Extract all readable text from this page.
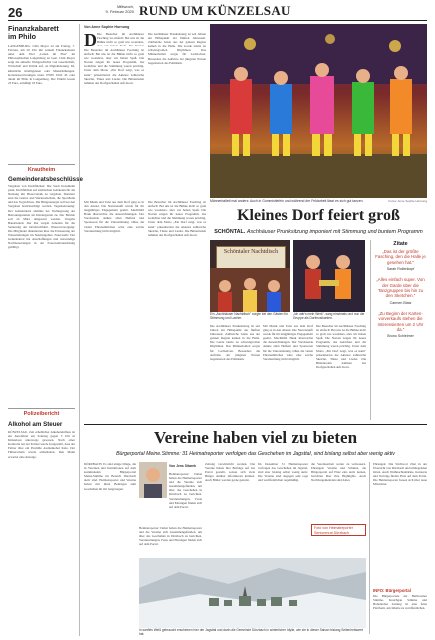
26	Mittwoch,
9. Februar 2020 RUND UM KÜNZELSAU
Finanzkabarett im Philo
LANGENBURG. Chin Meyer ist am Freitag, 7. Februar, um 20 Uhr mit seinem Finanzkabarett unter dem Titel „Leben im Plus" im Philosophischen Langenburg zu Gast. Chin Meyer zeigt die aktuelle Weltgeschichte von Gesellschaft, Wirtschaft und Politik auf, ob Digitalisierung, KI, künstliche Intelligenzen oder Mieterhöhungen. Kartenreservierungen unter 07905 9102 43 oder direkt im Philo in Langenburg. Der Eintritt kostet 23 Euro, ermäßigt 18 Euro.
Krautheim
Gemeinderatsbeschlüsse
Vergaben von Dachflächen: Die Stadt Krautheim plant, Dachflächen auf städtischen Gebäuden für die Nutzung mit Photovoltaik zu vergeben. Darunter sind die Grund- und Werkrealschule, die Sporthalle und das Vogtschloss. Die Bürgerenergie soll bei den Vergaben berücksichtigt werden. Tagesbetreuung: Der Gemeinderat stimmte der Verlängerung der Betreuungszeiten im Kindergarten zu. Der Betrieb soll ab März umgesetzt werden. Vergabe Bauarbeiten: Der Rat vergab Arbeiten für die Sanierung der Ortsdurchfahrt. Wasserversorgung: Die Mitglieder diskutierten über die Erneuerung der Wasserleitungen im Neubaugebiet. Feuerwehr: Der Gemeinderat hat Anschaffungen und notwendige Nachbesserungen in der Feuerwehrausrüstung gebilligt.
Polizeibericht
Alkohol am Steuer
KÜNZELSAU. Zeit erheblicher Alkoholeinfluss ist ein Autofahrer am Sonntag gegen 3 Uhr in Künzelsau unterwegs gewesen. Nach einer Kontrolle bei der Polizei wurde festgestellt, dass der Fahrer über ein Promille Atemalkohol hatte. Der Führerschein wurde einbehalten. Den Mann erwartet eine Anzeige.
Von Anne Sophie Hornung
D Die Besucher im Aschhäuser Fasching ist einfach: Bei uns ist die Bühne nicht so groß wie woanders,
Die Besucher im Aschhäuser Fasching ist einfach: Bei uns ist die Bühne nicht so groß wie woanders, aber wir haben Spaß. Die Narren zeigen ihr neues Programm, das Gelächter und die Stimmung waren prächtig. Unter dem Motto „Ein Dorf zeigt, was es kann" präsentierten die Akteure zahlreiche Sketche, Tänze und Lieder. Die Büttenreden nahmen das Dorfgeschehen aufs Korn.
Die Aschhäuser Prunksitzung ist seit Jahren ein Höhepunkt der fünften Jahreszeit. Zahlreiche Gäste aus der ganzen Region kamen in die Halle. Die Garde tanzte zu schwungvollen Rhythmen. Das Männerballett sorgte für Lachsalven. Besonders die Auftritte der jüngsten Narren begeisterten das Publikum.
Männerballett mal anders: Auch in Gummistiefeln und während der Feldarbeit lässt es sich gut tanzen.	Fotos: Anne Sophie Hornung
Kleines Dorf feiert groß
SCHÖNTAL. Aschhäuser Prunksitzung imponiert mit Stimmung und buntem Programm
Mit Musik und Tanz aus dem Dorf ging es in den Abend. Die Narrenzunft wurde für ihr langjähriges Engagement geehrt. Mechthild Hauk überreichte die Auszeichnungen. Der Vorsitzende dankte allen Helfern und Sponsoren für die Unterstützung. Ohne die vielen Ehrenamtlichen wäre eine solche Veranstaltung nicht möglich.
Die Besucher im Aschhäuser Fasching ist einfach: Bei uns ist die Bühne nicht so groß wie woanders, aber wir haben Spaß. Die Narren zeigen ihr neues Programm, das Gelächter und die Stimmung waren prächtig. Unter dem Motto „Ein Dorf zeigt, was es kann" präsentierten die Akteure zahlreiche Sketche, Tänze und Lieder. Die Büttenreden nahmen das Dorfgeschehen aufs Korn.
Schöntaler Nachtdisch
Ein „Aschhäuser Nachtdisch" sorgte bei den Gästen für Stimmung und Lacher.
„Ich wär's mein Werk", sang einstmals und nun die Gruppe als Dorfmusikanten.
Die Aschhäuser Prunksitzung ist seit Jahren ein Höhepunkt der fünften Jahreszeit. Zahlreiche Gäste aus der ganzen Region kamen in die Halle. Die Garde tanzte zu schwungvollen Rhythmen. Das Männerballett sorgte für Lachsalven. Besonders die Auftritte der jüngsten Narren begeisterten das Publikum.
Mit Musik und Tanz aus dem Dorf ging es in den Abend. Die Narrenzunft wurde für ihr langjähriges Engagement geehrt. Mechthild Hauk überreichte die Auszeichnungen. Der Vorsitzende dankte allen Helfern und Sponsoren für die Unterstützung. Ohne die vielen Ehrenamtlichen wäre eine solche Veranstaltung nicht möglich.
Die Besucher im Aschhäuser Fasching ist einfach: Bei uns ist die Bühne nicht so groß wie woanders, aber wir haben Spaß. Die Narren zeigen ihr neues Programm, das Gelächter und die Stimmung waren prächtig. Unter dem Motto „Ein Dorf zeigt, was es kann" präsentierten die Akteure zahlreiche Sketche, Tänze und Lieder. Die Büttenreden nahmen das Dorfgeschehen aufs Korn.
Zitate
„Das ist der größte Fasching, den die Halle je gesehen hat."
Sarah Rollenkopf
„Alles einfach super. Von der Garde über die Tanzgruppen bis hin zu den Sketchen."
Carmen Blatz
„Zu Beginn der Karten-vorverkaufs stehen die Interessierten um 2 Uhr da."
Bruno Schleimer
Vereine haben viel zu bieten
Bürgerportal Meine.Stimme: 31 Heimatreporter verfolgen das Geschehen im Jagsttal, sind bislang selbst aber wenig aktiv
DÖRZBACH. Es sind einige Dinge, die in Vereinen und Institutionen auf dem kommunalen Bürgerportal Meine.Stimme im Bereich Dörzbach aktiv sind. Heimatreporter und Vereine haben mit ihren Beiträgen zum Geschehen im Ort beigetragen.
Von Jens Sitarek
Heimatreporter: Dabei haben die Heimatreporter und die Vereine sich zusammengefunden, um über das Geschehen in Dörzbach zu berichten. Veranstaltungen, Feste und Ehrungen finden sich auf dem Portal.
Heimatreporter: Dabei haben die Heimatreporter und die Vereine sich zusammengefunden, um über das Geschehen in Dörzbach zu berichten. Veranstaltungen, Feste und Ehrungen finden sich auf dem Portal.
Zeitung verwirklicht werden. Die Vereine haben ihre Beiträge auf das Portal gestellt, sodass sich viele Bürger darüber informieren können. Auch Bilder werden gerne genutzt.
Im Dezember 31 Heimatreporter verfolgen das Geschehen im Jagsttal, sind aber bislang selbst wenig aktiv. Die Vereine sind dagegen sehr rege und veröffentlichen regelmäßig.
die Vereinsarbeit weiter zu verbessern. Ehrungen: Vereine und Schulen, die Bürgerportal auf Platz eins aktiv nutzen, berichten über ihre Highlights. Auch Nachbargemeinden sind dabei.
Foto von Heimatreporter Seniorenrat Dörzbach
In sanftes Weiß gebraucht erscheinen hier der Jagsttal und darin die Gemeinde Dörzbach in winterlicher Idylle, wie sie in dieser Saison bislang Seltenheitswert hat.
Ehrungen: Die Stichwort Zitat in der Übersicht von Dörzbach und umliegenden Orten. Auch Weihnachtsmärkte, Konzerte und Vorträge finden Platz auf dem Portal. Die Heimatreporter freuen sich über neue Mitstreiter.
INFO: Bürgerportal
Die Bürgerportale der Heilbronner Stimme, Kraichgau Stimme und Hohenloher Zeitung ist eine feine Plattform, um Inhalte zu veröffentlichen.
